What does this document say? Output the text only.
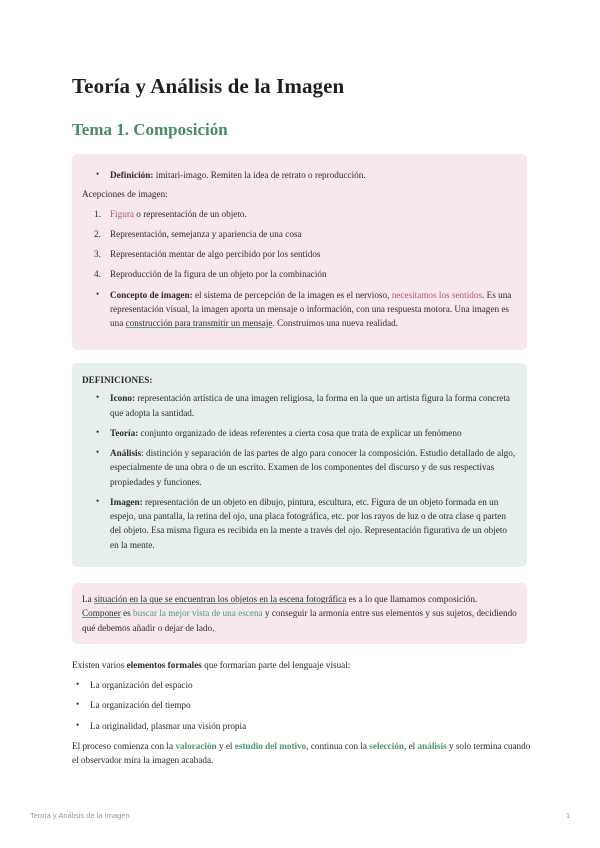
Teoría y Análisis de la Imagen
Tema 1. Composición
• Definición: imitari-imago. Remiten la idea de retrato o reproducción.

Acepciones de imagen:

1. Figura o representación de un objeto.
2. Representación, semejanza y apariencia de una cosa
3. Representación mentar de algo percibido por los sentidos
4. Reproducción de la figura de un objeto por la combinación
• Concepto de imagen: el sistema de percepción de la imagen es el nervioso, necesitamos los sentidos. Es una representación visual, la imagen aporta un mensaje o información, con una respuesta motora. Una imagen es una construcción para transmitir un mensaje. Construimos una nueva realidad.

DEFINICIONES:

• Icono: representación artística de una imagen religiosa, la forma en la que un artista figura la forma concreta que adopta la santidad.
• Teoría: conjunto organizado de ideas referentes a cierta cosa que trata de explicar un fenómeno
• Análisis: distinción y separación de las partes de algo para conocer la composición. Estudio detallado de algo, especialmente de una obra o de un escrito. Examen de los componentes del discurso y de sus respectivas propiedades y funciones.
• Imagen: representación de un objeto en dibujo, pintura, escultura, etc. Figura de un objeto formada en un espejo, una pantalla, la retina del ojo, una placa fotográfica, etc. por los rayos de luz o de otra clase q parten del objeto. Esa misma figura es recibida en la mente a través del ojo. Representación figurativa de un objeto en la mente.

La situación en la que se encuentran los objetos en la escena fotográfica es a lo que llamamos composición. Componer es buscar la mejor vista de una escena y conseguir la armonía entre sus elementos y sus sujetos, decidiendo qué debemos añadir o dejar de lado.

Existen varios elementos formales que formarían parte del lenguaje visual:

• La organización del espacio
• La organización del tiempo
• La originalidad, plasmar una visión propia

El proceso comienza con la valoración y el estudio del motivo, continua con la selección, el análisis y solo termina cuando el observador mira la imagen acabada.

Teoría y Análisis de la Imagen	1
